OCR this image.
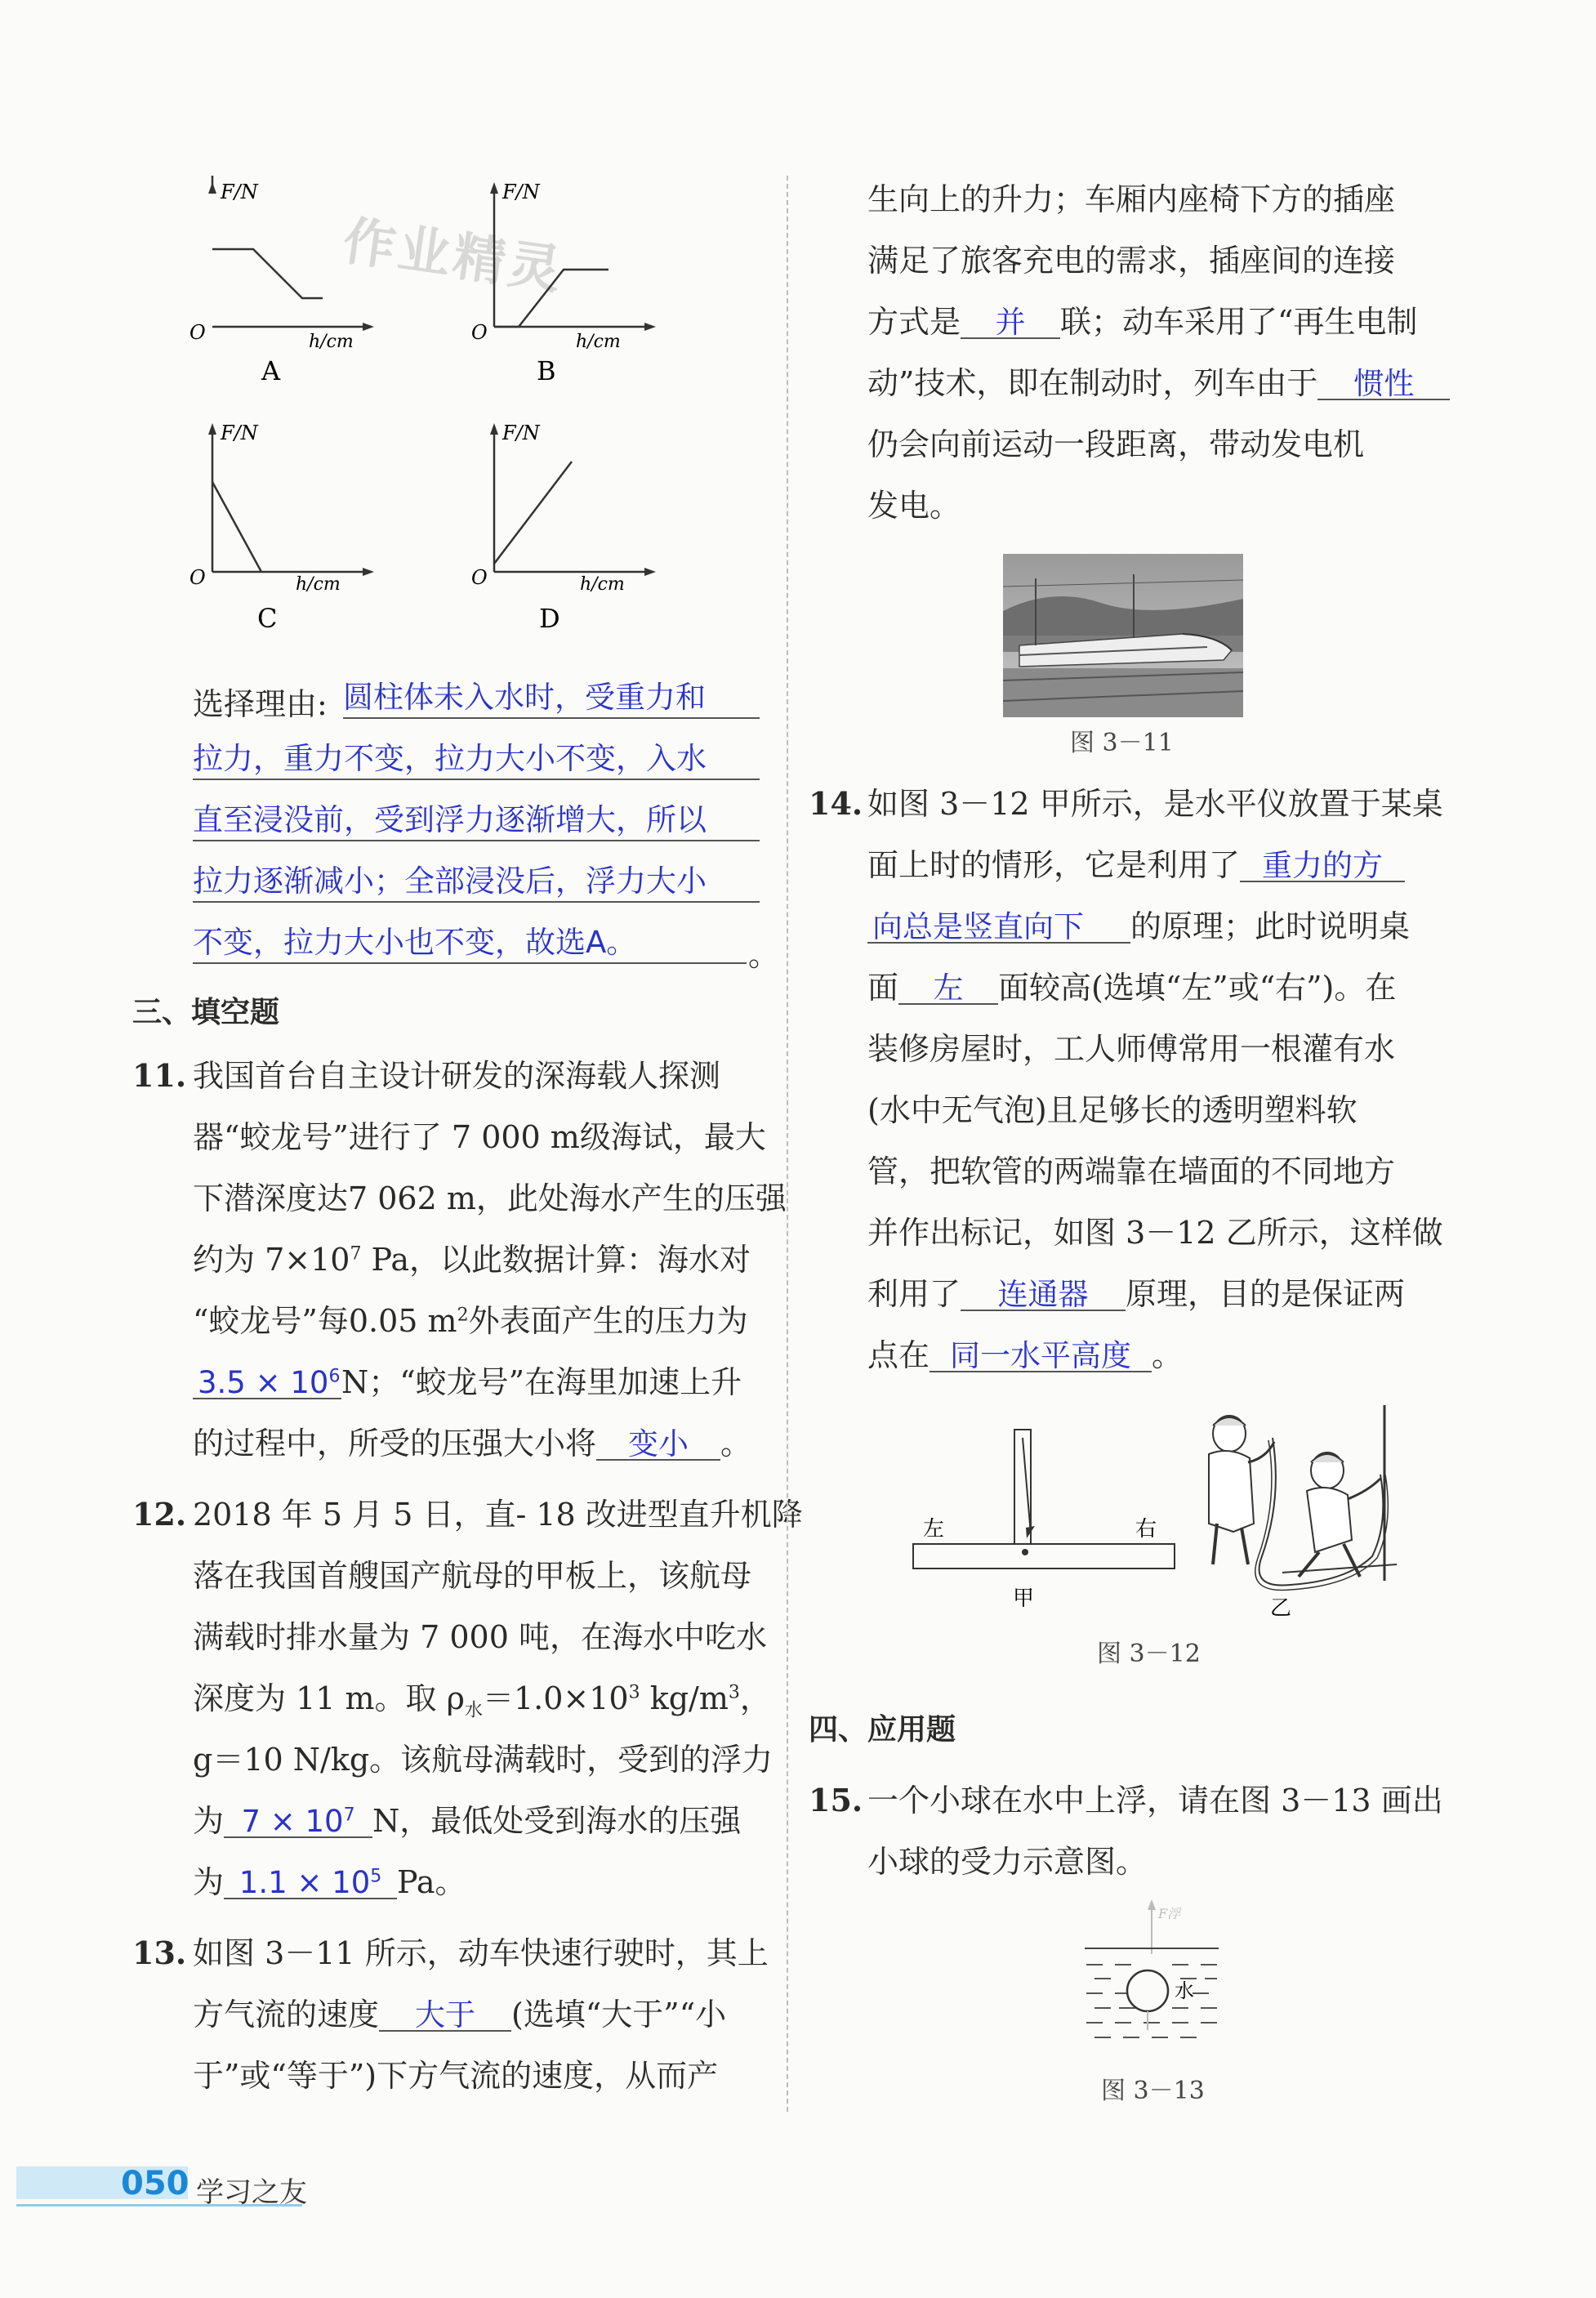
作业精灵
F/N
O	h/cm
A
F/N
O	h/cm
B
F/N
O	h/cm
C
F/N
O	h/cm
D
选择理由: 圆柱体未入水时，受重力和
拉力，重力不变，拉力大小不变，入水
直至浸没前，受到浮力逐渐增大，所以
拉力逐渐减小；全部浸没后，浮力大小
不变，拉力大小也不变，故选A。	。
三、填空题
11. 我国首台自主设计研发的深海载人探测
器“蛟龙号”进行了 7 000 m级海试，最大
下潜深度达7 062 m，此处海水产生的压强
约为 $7\times 10^7$ Pa，以此数据计算：海水对
“蛟龙号”每0.05 $m^2$外表面产生的压力为
$3.5 \times 10^6N$；“蛟龙号”在海里加速上升
的过程中，所受的压强大小将 变小 。
12. 2018 年 5 月 5 日，直- 18 改进型直升机降
落在我国首艘国产航母的甲板上，该航母
满载时排水量为 7 000 吨，在海水中吃水
深度为 11 m。取 $\rho_水=1.0\times 10^3$ $kg/m^3$，
g＝10 N/kg。该航母满载时，受到的浮力
为 $7 \times 10^7$ N，最低处受到海水的压强
为 $1.1 \times 10^5$ Pa。
13. 如图 3－11 所示，动车快速行驶时，其上
方气流的速度 大于 (选填“大于”“小
于”或“等于”)下方气流的速度，从而产
生向上的升力；车厢内座椅下方的插座
满足了旅客充电的需求，插座间的连接
方式是 并 联；动车采用了“再生电制
动”技术，即在制动时，列车由于 惯性
仍会向前运动一段距离，带动发电机
发电。
图 3－11
14. 如图 3－12 甲所示，是水平仪放置于某桌
面上时的情形，它是利用了 重力的方
向总是竖直向下 的原理；此时说明桌
面 左 面较高(选填“左”或“右”)。在
装修房屋时，工人师傅常用一根灌有水
(水中无气泡)且足够长的透明塑料软
管，把软管的两端靠在墙面的不同地方
并作出标记，如图 3－12 乙所示，这样做
利用了 连通器 原理，目的是保证两
点在 同一水平高度 。
左	右
甲	乙
图 3－12
四、应用题
15. 一个小球在水中上浮，请在图 3－13 画出
小球的受力示意图。
F浮
水
图 3－13
050 学习之友
